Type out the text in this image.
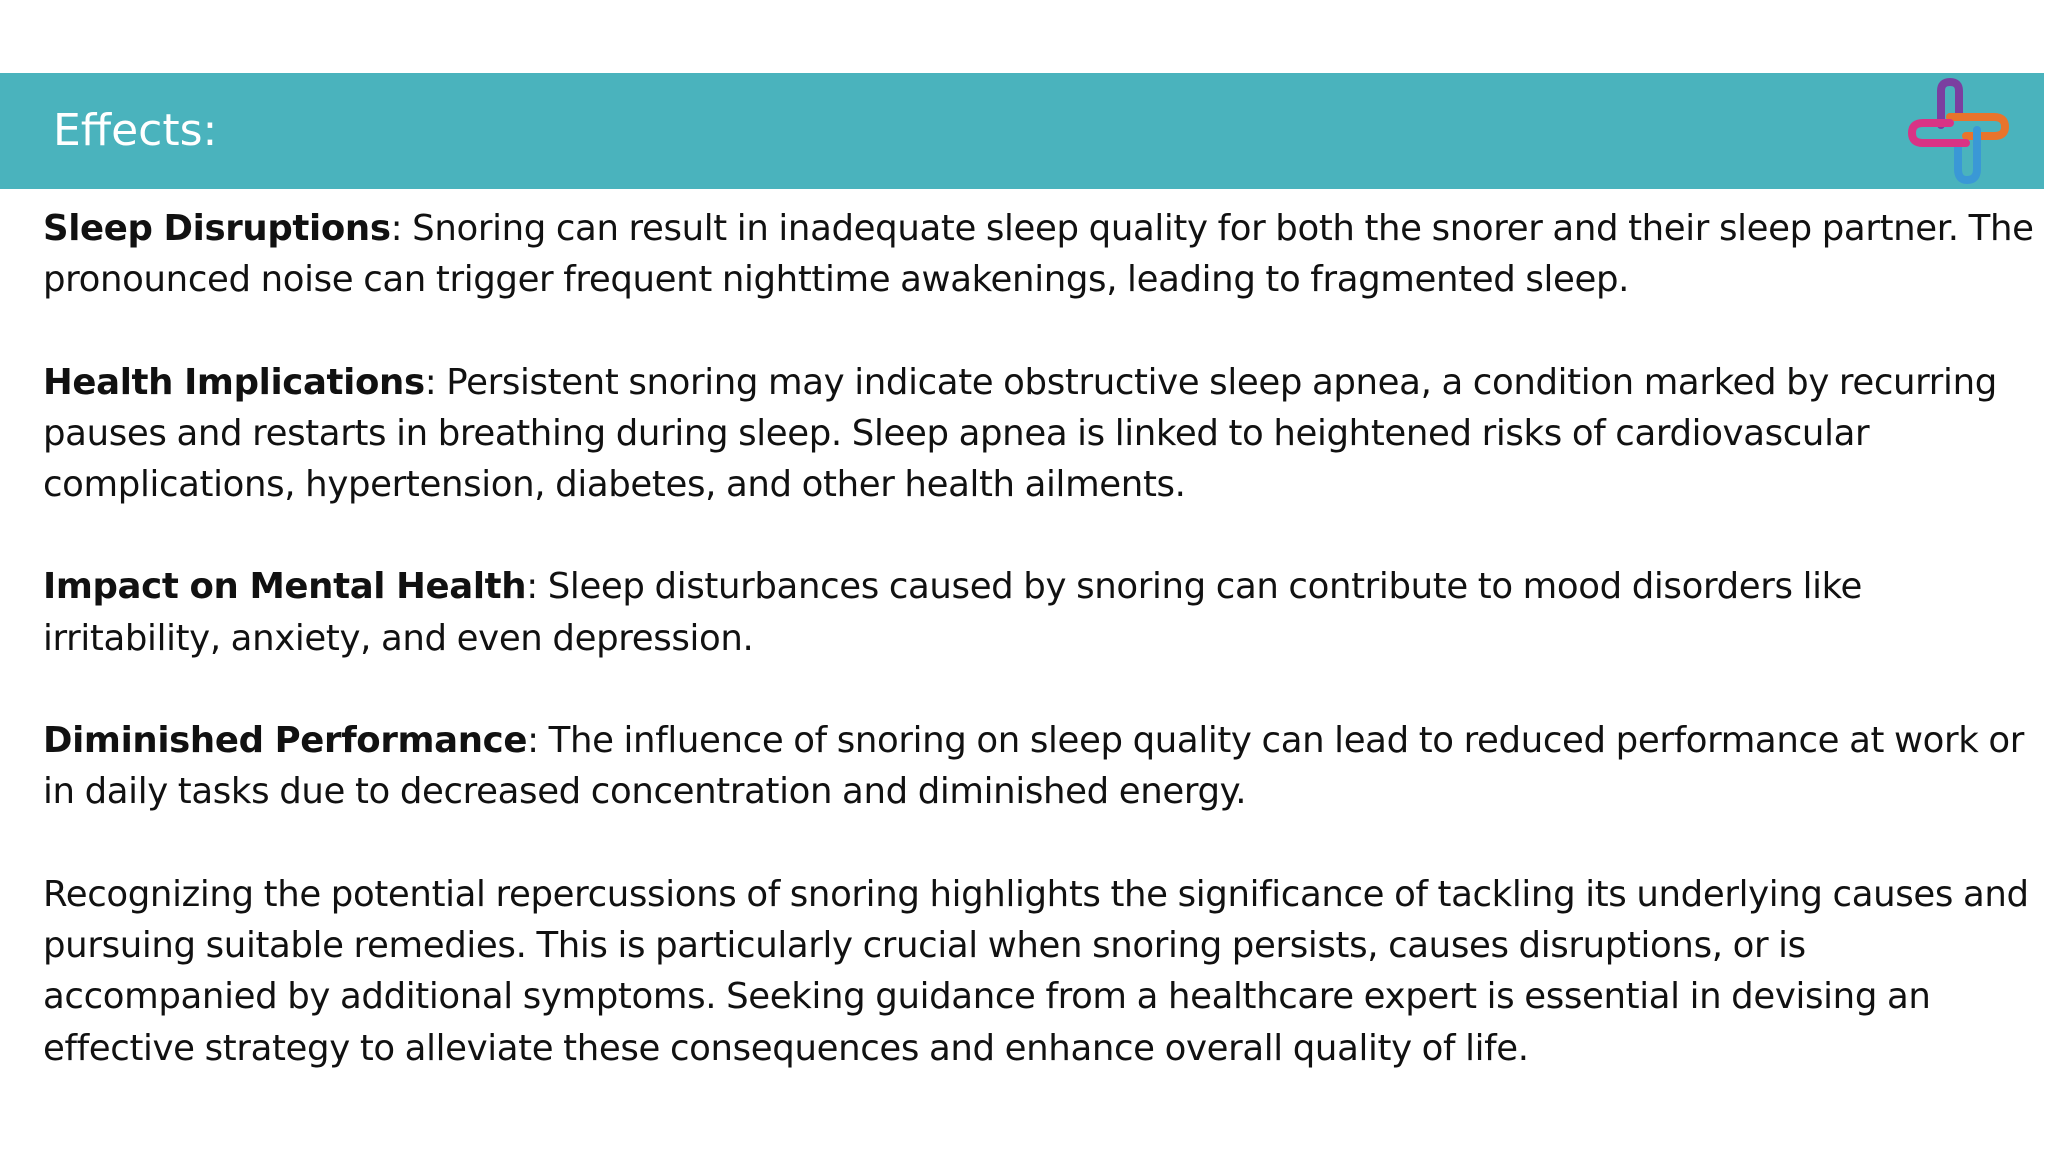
Effects:

Sleep Disruptions: Snoring can result in inadequate sleep quality for both the snorer and their sleep partner. The pronounced noise can trigger frequent nighttime awakenings, leading to fragmented sleep.

Health Implications: Persistent snoring may indicate obstructive sleep apnea, a condition marked by recurring pauses and restarts in breathing during sleep. Sleep apnea is linked to heightened risks of cardiovascular complications, hypertension, diabetes, and other health ailments.

Impact on Mental Health: Sleep disturbances caused by snoring can contribute to mood disorders like irritability, anxiety, and even depression.

Diminished Performance: The influence of snoring on sleep quality can lead to reduced performance at work or in daily tasks due to decreased concentration and diminished energy.

Recognizing the potential repercussions of snoring highlights the significance of tackling its underlying causes and pursuing suitable remedies. This is particularly crucial when snoring persists, causes disruptions, or is accompanied by additional symptoms. Seeking guidance from a healthcare expert is essential in devising an effective strategy to alleviate these consequences and enhance overall quality of life.
